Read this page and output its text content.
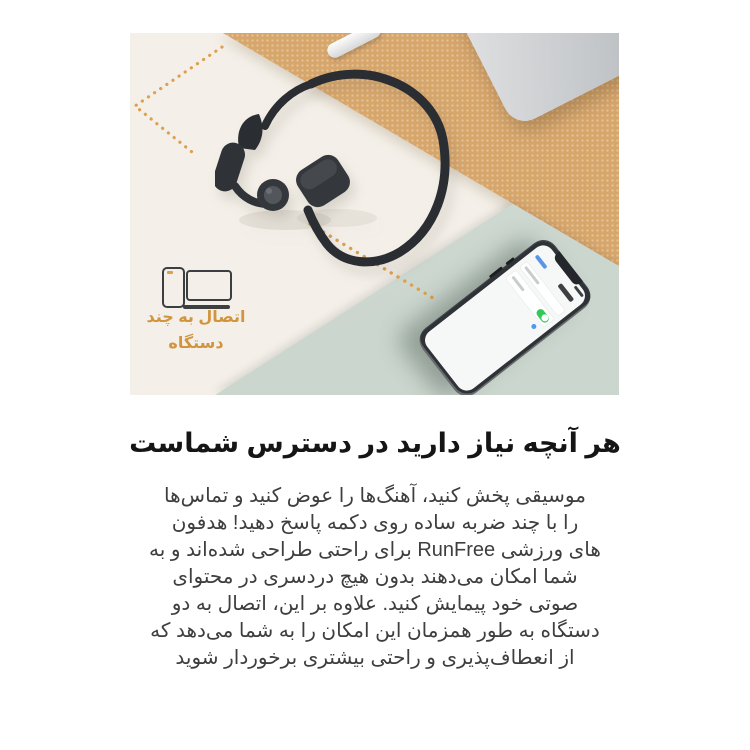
اتصال به چند
دستگاه
هر آنچه نیاز دارید در دسترس شماست
موسیقی پخش کنید، آهنگ‌ها را عوض کنید و تماس‌ها
را با چند ضربه ساده روی دکمه پاسخ دهید! هدفون
های ورزشی RunFree برای راحتی طراحی شده‌اند و به
شما امکان می‌دهند بدون هیچ دردسری در محتوای
صوتی خود پیمایش کنید. علاوه بر این، اتصال به دو
دستگاه به طور همزمان این امکان را به شما می‌دهد که
از انعطاف‌پذیری و راحتی بیشتری برخوردار شوید
